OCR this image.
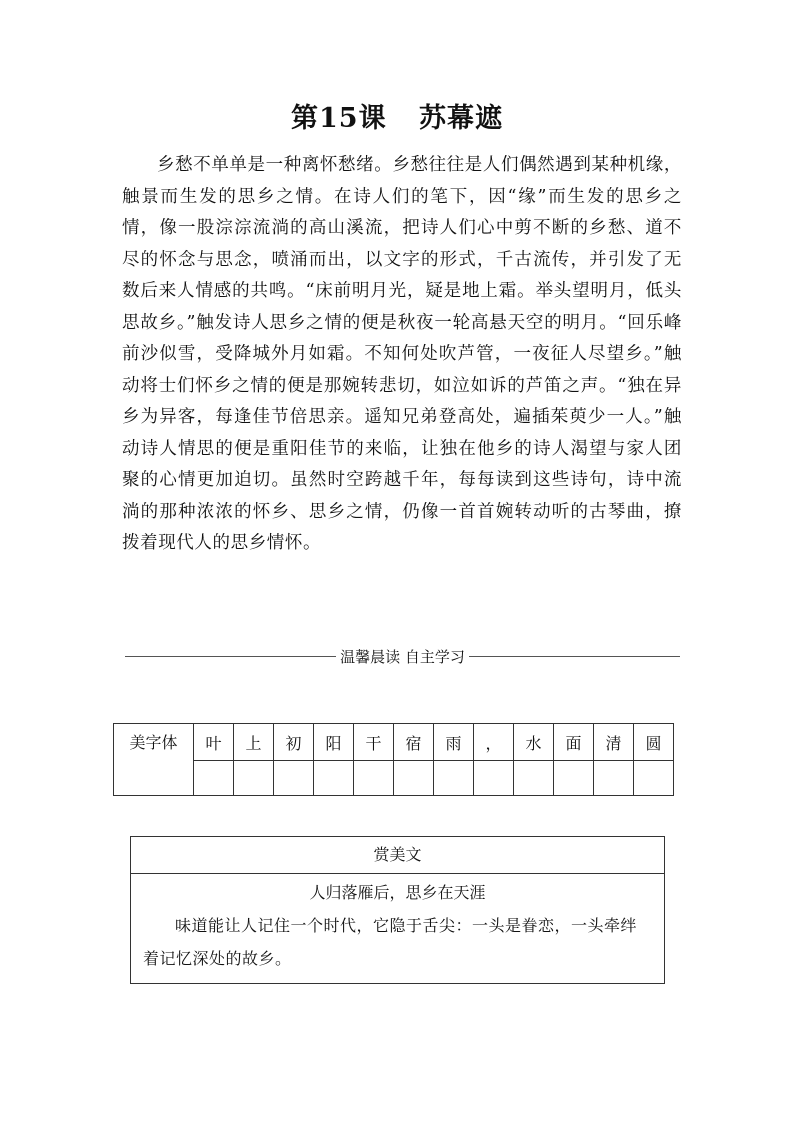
第15课 苏幕遮

乡愁不单单是一种离怀愁绪。乡愁往往是人们偶然遇到某种机缘，触景而生发的思乡之情。在诗人们的笔下，因“缘”而生发的思乡之情，像一股淙淙流淌的高山溪流，把诗人们心中剪不断的乡愁、道不尽的怀念与思念，喷涌而出，以文字的形式，千古流传，并引发了无数后来人情感的共鸣。“床前明月光，疑是地上霜。举头望明月，低头思故乡。”触发诗人思乡之情的便是秋夜一轮高悬天空的明月。“回乐峰前沙似雪，受降城外月如霜。不知何处吹芦管，一夜征人尽望乡。”触动将士们怀乡之情的便是那婉转悲切，如泣如诉的芦笛之声。“独在异乡为异客，每逢佳节倍思亲。遥知兄弟登高处，遍插茱萸少一人。”触动诗人情思的便是重阳佳节的来临，让独在他乡的诗人渴望与家人团聚的心情更加迫切。虽然时空跨越千年，每每读到这些诗句，诗中流淌的那种浓浓的怀乡、思乡之情，仍像一首首婉转动听的古琴曲，撩拨着现代人的思乡情怀。

温馨晨读 自主学习
美字体	叶	上	初	阳	干	宿	雨	，	水	面	清	圆

赏美文
人归落雁后，思乡在天涯
味道能让人记住一个时代，它隐于舌尖：一头是眷恋，一头牵绊着记忆深处的故乡。
